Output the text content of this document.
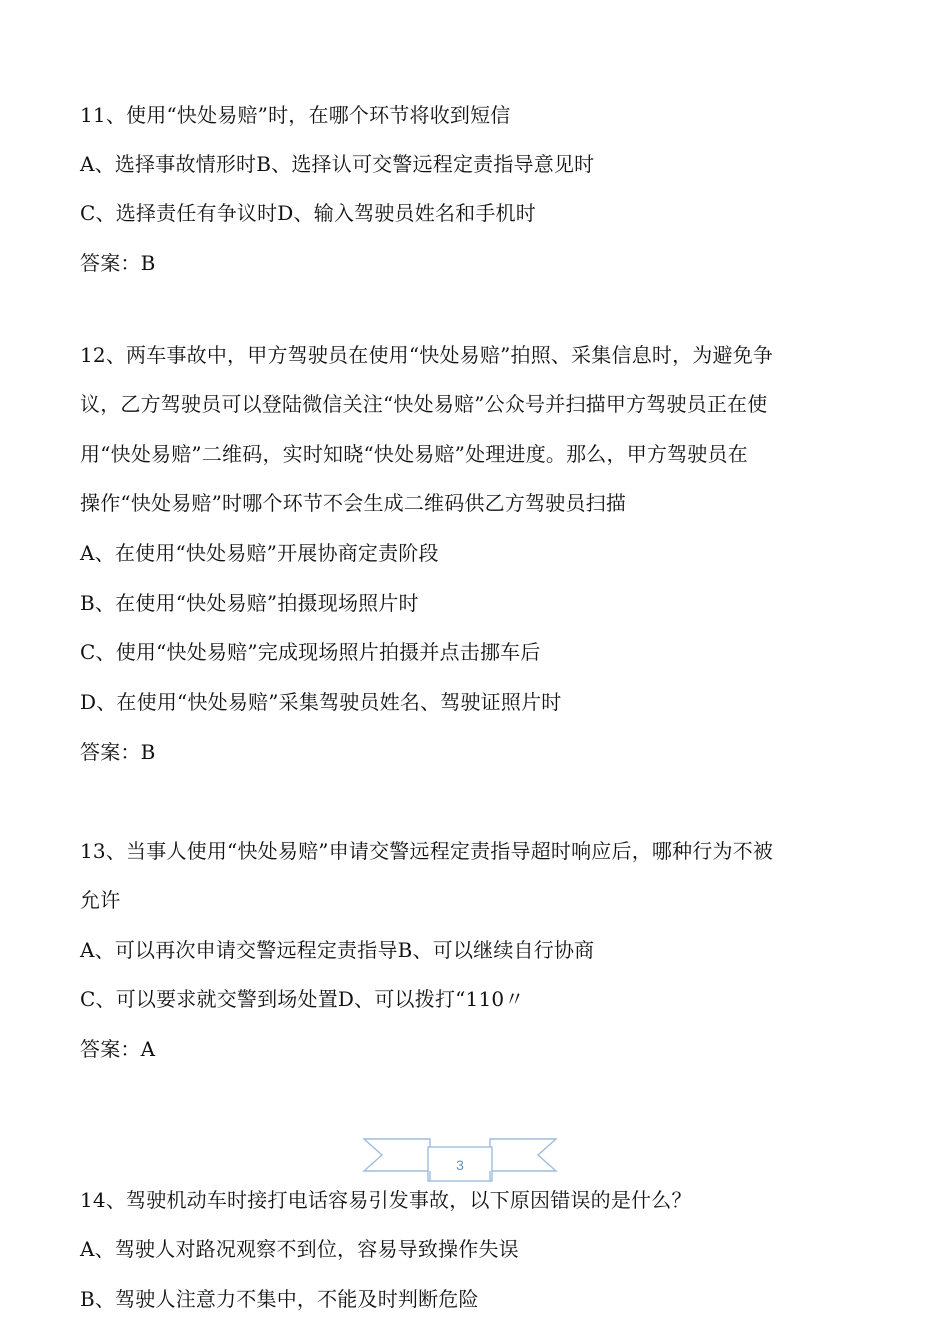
11、使用“快处易赔”时，在哪个环节将收到短信
A、选择事故情形时B、选择认可交警远程定责指导意见时
C、选择责任有争议时D、输入驾驶员姓名和手机时
答案：B
12、两车事故中，甲方驾驶员在使用“快处易赔”拍照、采集信息时，为避免争
议，乙方驾驶员可以登陆微信关注“快处易赔”公众号并扫描甲方驾驶员正在使
用“快处易赔”二维码，实时知晓“快处易赔”处理进度。那么，甲方驾驶员在
操作“快处易赔”时哪个环节不会生成二维码供乙方驾驶员扫描
A、在使用“快处易赔”开展协商定责阶段
B、在使用“快处易赔”拍摄现场照片时
C、使用“快处易赔”完成现场照片拍摄并点击挪车后
D、在使用“快处易赔”采集驾驶员姓名、驾驶证照片时
答案：B
13、当事人使用“快处易赔”申请交警远程定责指导超时响应后，哪种行为不被
允许
A、可以再次申请交警远程定责指导B、可以继续自行协商
C、可以要求就交警到场处置D、可以拨打“110〃
答案：A
3
14、驾驶机动车时接打电话容易引发事故，以下原因错误的是什么？
A、驾驶人对路况观察不到位，容易导致操作失误
B、驾驶人注意力不集中，不能及时判断危险
